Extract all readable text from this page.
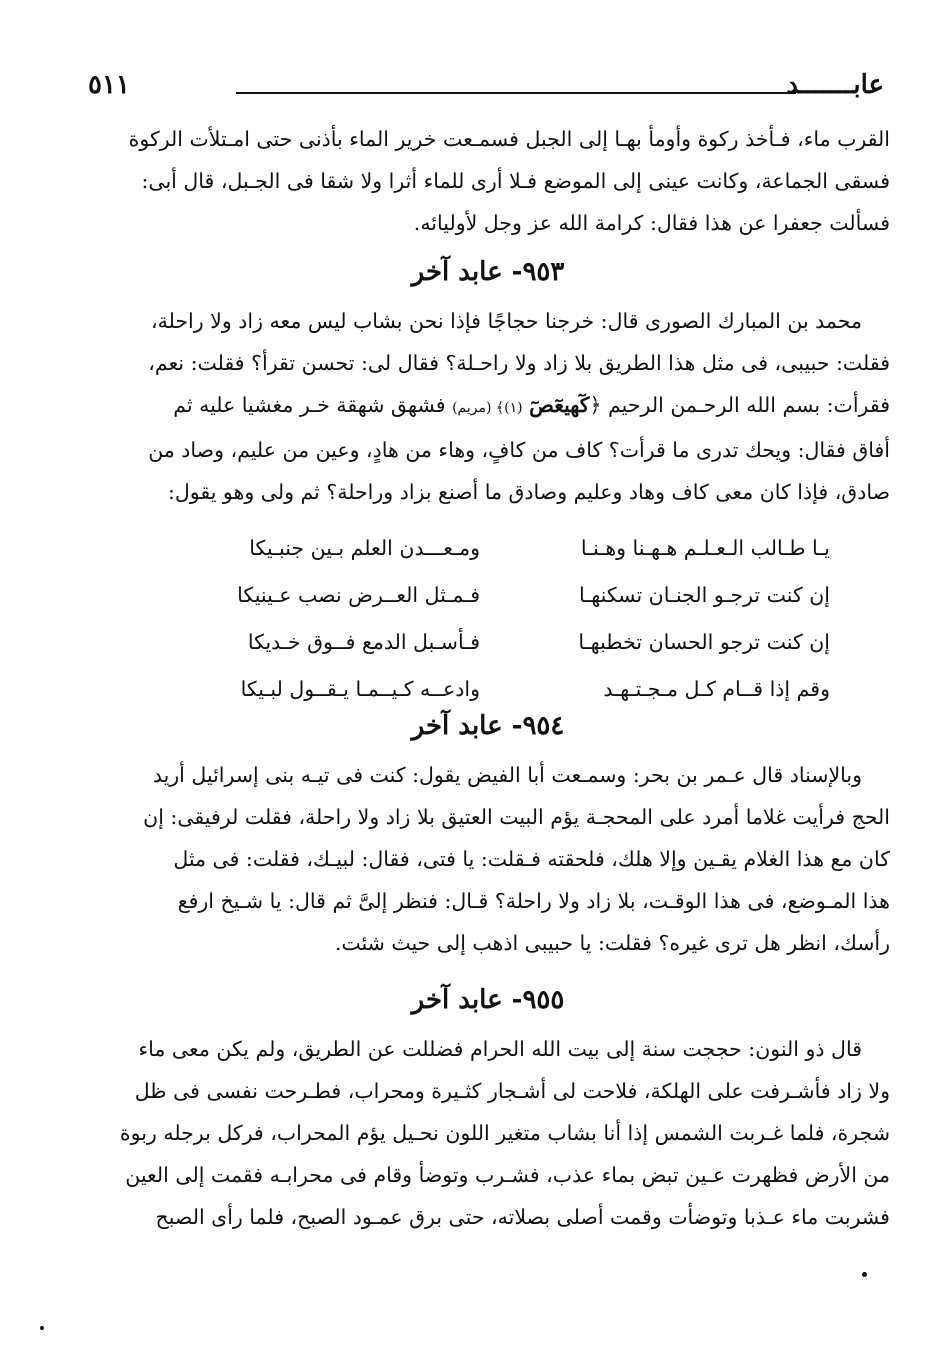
٥١١	عابـــــــد

القرب ماء، فـأخذ ركوة وأومأ بهـا إلى الجبل فسمـعت خرير الماء بأذنى حتى امـتلأت الركوة

فسقى الجماعة، وكانت عينى إلى الموضع فـلا أرى للماء أثرا ولا شقا فى الجـبل، قال أبى:

فسألت جعفرا عن هذا فقال: كرامة الله عز وجل لأوليائه.

٩٥٣- عابد آخر

محمد بن المبارك الصورى قال: خرجنا حجاجًا فإذا نحن بشاب ليس معه زاد ولا راحلة،

فقلت: حبيبى، فى مثل هذا الطريق بلا زاد ولا راحـلة؟ فقال لى: تحسن تقرأ؟ فقلت: نعم،

فقرأت: بسم الله الرحـمن الرحيم ﴿كٓهيعٓصٓ (١)﴾ (مريم) فشهق شهقة خـر مغشيا عليه ثم

أفاق فقال: ويحك تدرى ما قرأت؟ كاف من كافٍ، وهاء من هادٍ، وعين من عليم، وصاد من

صادق، فإذا كان معى كاف وهاد وعليم وصادق ما أصنع بزاد وراحلة؟ ثم ولى وهو يقول:

يـا طـالب الـعـلـم هـهـنا وهـنـا
ومـعـــدن العلم بـين جنبـيكا
إن كنت ترجـو الجنـان تسكنهـا
فـمـثل العــرض نصب عـينيكا
إن كنت ترجو الحسان تخطبهـا
فـأسـبل الدمع فــوق خـديكا
وقم إذا قــام كـل مـجـتـهـد
وادعــه كـيــمـا يـقــول لبـيكا
٩٥٤- عابد آخر

وبالإسناد قال عـمر بن بحر: وسمـعت أبا الفيض يقول: كنت فى تيـه بنى إسرائيل أريد

الحج فرأيت غلاما أمرد على المحجـة يؤم البيت العتيق بلا زاد ولا راحلة، فقلت لرفيقى: إن

كان مع هذا الغلام يقـين وإلا هلك، فلحقته فـقلت: يا فتى، فقال: لبيـك، فقلت: فى مثل

هذا المـوضع، فى هذا الوقـت، بلا زاد ولا راحلة؟ قـال: فنظر إلىَّ ثم قال: يا شـيخ ارفع

رأسك، انظر هل ترى غيره؟ فقلت: يا حبيبى اذهب إلى حيث شئت.

٩٥٥- عابد آخر

قال ذو النون: حججت سنة إلى بيت الله الحرام فضللت عن الطريق، ولم يكن معى ماء

ولا زاد فأشـرفت على الهلكة، فلاحت لى أشـجار كثـيرة ومحراب، فطـرحت نفسى فى ظل

شجرة، فلما غـربت الشمس إذا أنا بشاب متغير اللون نحـيل يؤم المحراب، فركل برجله ربوة

من الأرض فظهرت عـين تبض بماء عذب، فشـرب وتوضأ وقام فى محرابـه فقمت إلى العين

فشربت ماء عـذبا وتوضأت وقمت أصلى بصلاته، حتى برق عمـود الصبح، فلما رأى الصبح
